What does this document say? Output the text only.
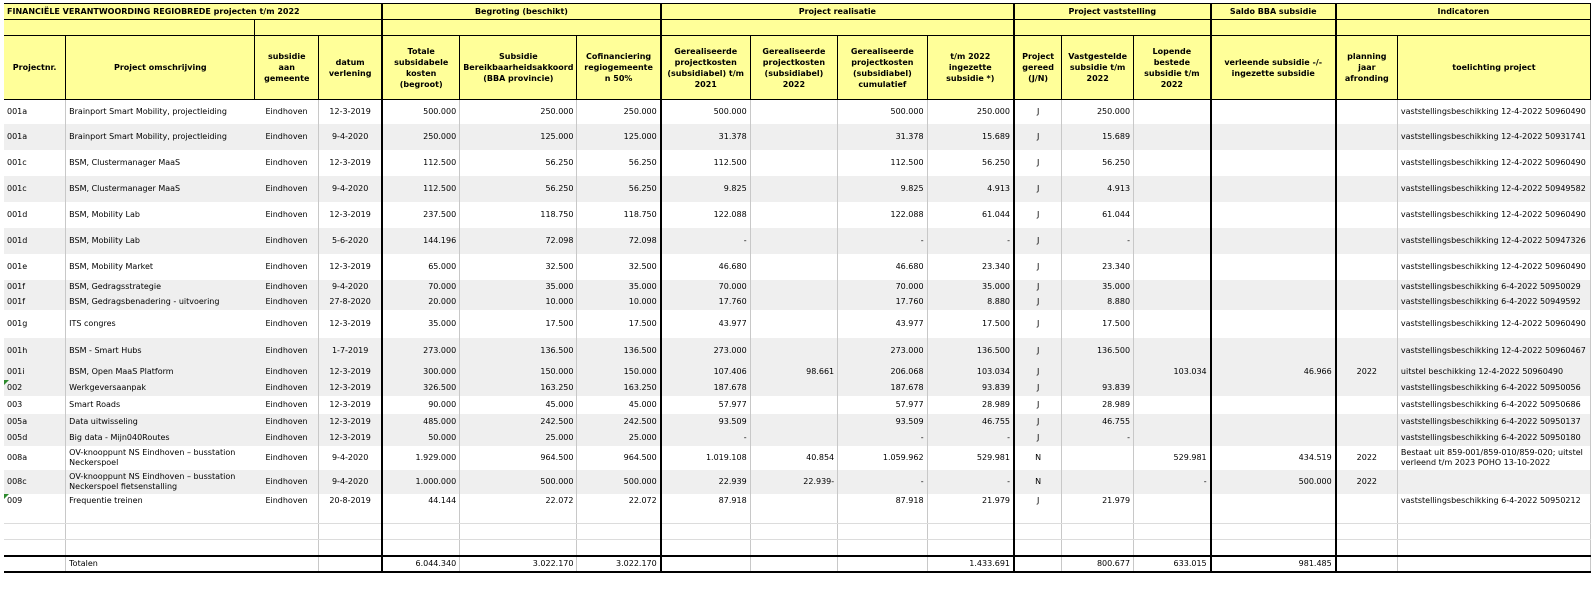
FINANCIËLE VERANTWOORDING REGIOBREDE projecten t/m 2022				Begroting (beschikt)			Project realisatie				Project vaststelling			Saldo BBA subsidie	Indicatoren	

Projectnr.	Project omschrijving	subsidie aan gemeente	datum verlening	Totale subsidabele kosten (begroot)	Subsidie Bereikbaarheidsakkoord (BBA provincie)	Cofinanciering regiogemeente n 50%	Gerealiseerde projectkosten (subsidiabel) t/m 2021	Gerealiseerde projectkosten (subsidiabel) 2022	Gerealiseerde projectkosten (subsidiabel) cumulatief	t/m 2022 ingezette subsidie *)	Project gereed (J/N)	Vastgestelde subsidie t/m 2022	Lopende bestede subsidie t/m 2022	verleende subsidie -/- ingezette subsidie	planning jaar afronding	toelichting project
001a	Brainport Smart Mobility, projectleiding	Eindhoven	12-3-2019	500.000	250.000	250.000	500.000		500.000	250.000	J	250.000				vaststellingsbeschikking 12-4-2022 50960490
001a	Brainport Smart Mobility, projectleiding	Eindhoven	9-4-2020	250.000	125.000	125.000	31.378		31.378	15.689	J	15.689				vaststellingsbeschikking 12-4-2022 50931741
001c	BSM, Clustermanager MaaS	Eindhoven	12-3-2019	112.500	56.250	56.250	112.500		112.500	56.250	J	56.250				vaststellingsbeschikking 12-4-2022 50960490
001c	BSM, Clustermanager MaaS	Eindhoven	9-4-2020	112.500	56.250	56.250	9.825		9.825	4.913	J	4.913				vaststellingsbeschikking 12-4-2022 50949582
001d	BSM, Mobility Lab	Eindhoven	12-3-2019	237.500	118.750	118.750	122.088		122.088	61.044	J	61.044				vaststellingsbeschikking 12-4-2022 50960490
001d	BSM, Mobility Lab	Eindhoven	5-6-2020	144.196	72.098	72.098	-		-	-	J	-				vaststellingsbeschikking 12-4-2022 50947326
001e	BSM, Mobility Market	Eindhoven	12-3-2019	65.000	32.500	32.500	46.680		46.680	23.340	J	23.340				vaststellingsbeschikking 12-4-2022 50960490
001f	BSM, Gedragsstrategie	Eindhoven	9-4-2020	70.000	35.000	35.000	70.000		70.000	35.000	J	35.000				vaststellingsbeschikking 6-4-2022 50950029
001f	BSM, Gedragsbenadering - uitvoering	Eindhoven	27-8-2020	20.000	10.000	10.000	17.760		17.760	8.880	J	8.880				vaststellingsbeschikking 6-4-2022 50949592
001g	ITS congres	Eindhoven	12-3-2019	35.000	17.500	17.500	43.977		43.977	17.500	J	17.500				vaststellingsbeschikking 12-4-2022 50960490
001h	BSM - Smart Hubs	Eindhoven	1-7-2019	273.000	136.500	136.500	273.000		273.000	136.500	J	136.500				vaststellingsbeschikking 12-4-2022 50960467
001i	BSM, Open MaaS Platform	Eindhoven	12-3-2019	300.000	150.000	150.000	107.406	98.661	206.068	103.034	J		103.034	46.966	2022	uitstel beschikking 12-4-2022 50960490
002	Werkgeversaanpak	Eindhoven	12-3-2019	326.500	163.250	163.250	187.678		187.678	93.839	J	93.839				vaststellingsbeschikking 6-4-2022 50950056
003	Smart Roads	Eindhoven	12-3-2019	90.000	45.000	45.000	57.977		57.977	28.989	J	28.989				vaststellingsbeschikking 6-4-2022 50950686
005a	Data uitwisseling	Eindhoven	12-3-2019	485.000	242.500	242.500	93.509		93.509	46.755	J	46.755				vaststellingsbeschikking 6-4-2022 50950137
005d	Big data - Mijn040Routes	Eindhoven	12-3-2019	50.000	25.000	25.000	-		-	-	J	-				vaststellingsbeschikking 6-4-2022 50950180
008a	OV-knooppunt NS Eindhoven – busstation Neckerspoel	Eindhoven	9-4-2020	1.929.000	964.500	964.500	1.019.108	40.854	1.059.962	529.981	N		529.981	434.519	2022	Bestaat uit 859-001/859-010/859-020; uitstel verleend t/m 2023 POHO 13-10-2022
008c	OV-knooppunt NS Eindhoven – busstation Neckerspoel fietsenstalling	Eindhoven	9-4-2020	1.000.000	500.000	500.000	22.939	22.939-	-	-	N		-	500.000	2022	
009	Frequentie treinen	Eindhoven	20-8-2019	44.144	22.072	22.072	87.918		87.918	21.979	J	21.979				vaststellingsbeschikking 6-4-2022 50950212

	Totalen			6.044.340	3.022.170	3.022.170				1.433.691		800.677	633.015	981.485		
